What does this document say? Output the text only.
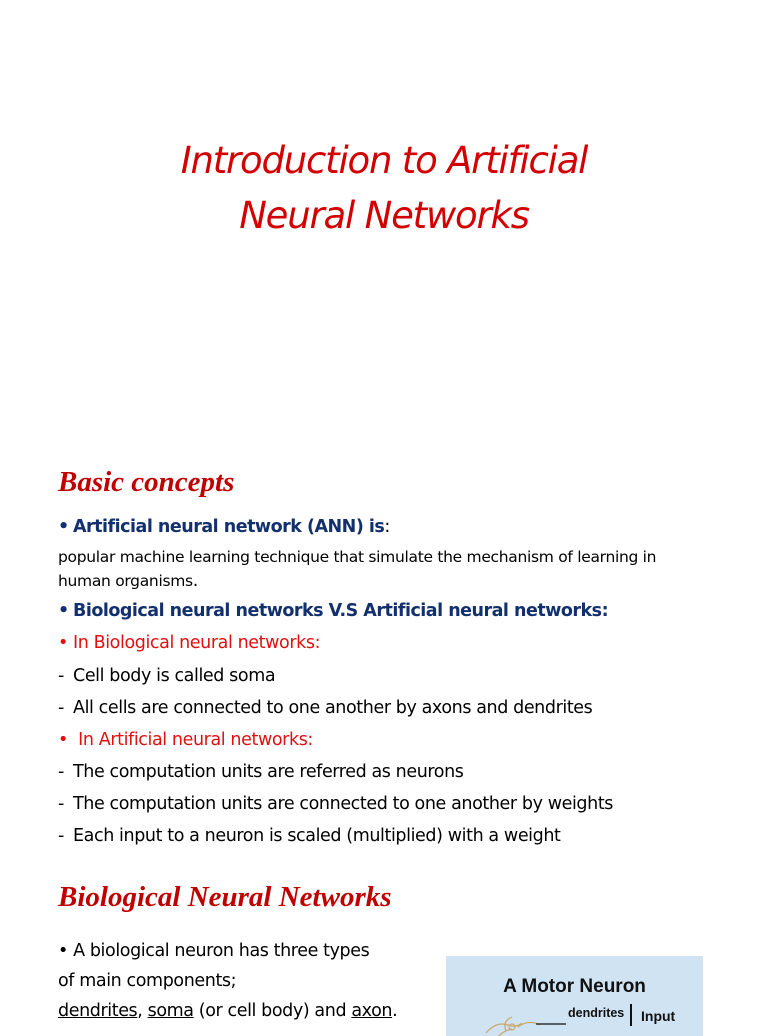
Introduction to Artificial
Neural Networks
Basic concepts
• Artificial neural network (ANN) is:
popular machine learning technique that simulate the mechanism of learning in
human organisms.
• Biological neural networks V.S Artificial neural networks:
• In Biological neural networks:
- Cell body is called soma
- All cells are connected to one another by axons and dendrites
• In Artificial neural networks:
- The computation units are referred as neurons
- The computation units are connected to one another by weights
- Each input to a neuron is scaled (multiplied) with a weight
Biological Neural Networks
• A biological neuron has three types
of main components;
dendrites, soma (or cell body) and axon.
A Motor Neuron
dendrites Input
